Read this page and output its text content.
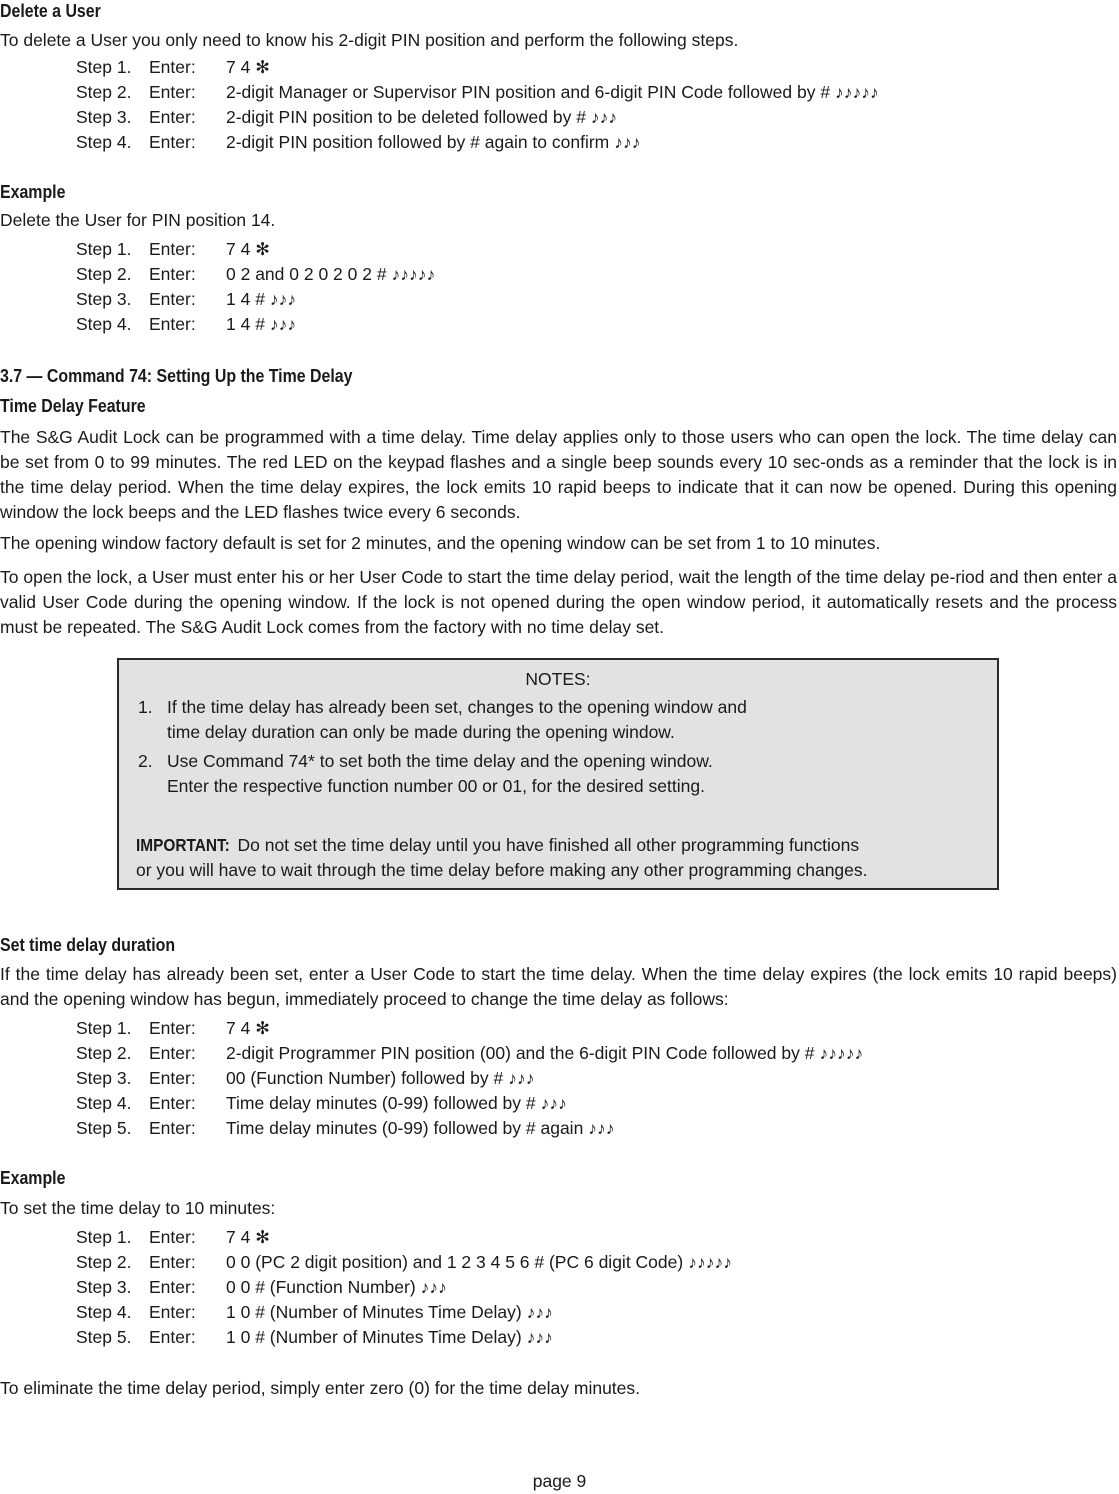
Delete a User
To delete a User you only need to know his 2-digit PIN position and perform the following steps.
Step 1. Enter: 7 4 ✻
Step 2. Enter: 2-digit Manager or Supervisor PIN position and 6-digit PIN Code followed by # ♪♪♪♪♪
Step 3. Enter: 2-digit PIN position to be deleted followed by # ♪♪♪
Step 4. Enter: 2-digit PIN position followed by # again to confirm ♪♪♪
Example
Delete the User for PIN position 14.
Step 1. Enter: 7 4 ✻
Step 2. Enter: 0 2 and 0 2 0 2 0 2 # ♪♪♪♪♪
Step 3. Enter: 1 4 # ♪♪♪
Step 4. Enter: 1 4 # ♪♪♪
3.7 — Command 74: Setting Up the Time Delay
Time Delay Feature
The S&G Audit Lock can be programmed with a time delay. Time delay applies only to those users who can open the lock. The time delay can be set from 0 to 99 minutes. The red LED on the keypad flashes and a single beep sounds every 10 sec-onds as a reminder that the lock is in the time delay period. When the time delay expires, the lock emits 10 rapid beeps to indicate that it can now be opened. During this opening window the lock beeps and the LED flashes twice every 6 seconds.
The opening window factory default is set for 2 minutes, and the opening window can be set from 1 to 10 minutes.
To open the lock, a User must enter his or her User Code to start the time delay period, wait the length of the time delay pe-riod and then enter a valid User Code during the opening window. If the lock is not opened during the open window period, it automatically resets and the process must be repeated. The S&G Audit Lock comes from the factory with no time delay set.
NOTES:
1. If the time delay has already been set, changes to the opening window and
time delay duration can only be made during the opening window.
2. Use Command 74* to set both the time delay and the opening window.
Enter the respective function number 00 or 01, for the desired setting.
IMPORTANT: Do not set the time delay until you have finished all other programming functions
or you will have to wait through the time delay before making any other programming changes.
Set time delay duration
If the time delay has already been set, enter a User Code to start the time delay. When the time delay expires (the lock emits 10 rapid beeps) and the opening window has begun, immediately proceed to change the time delay as follows:
Step 1. Enter: 7 4 ✻
Step 2. Enter: 2-digit Programmer PIN position (00) and the 6-digit PIN Code followed by # ♪♪♪♪♪
Step 3. Enter: 00 (Function Number) followed by # ♪♪♪
Step 4. Enter: Time delay minutes (0-99) followed by # ♪♪♪
Step 5. Enter: Time delay minutes (0-99) followed by # again ♪♪♪
Example
To set the time delay to 10 minutes:
Step 1. Enter: 7 4 ✻
Step 2. Enter: 0 0 (PC 2 digit position) and 1 2 3 4 5 6 # (PC 6 digit Code) ♪♪♪♪♪
Step 3. Enter: 0 0 # (Function Number) ♪♪♪
Step 4. Enter: 1 0 # (Number of Minutes Time Delay) ♪♪♪
Step 5. Enter: 1 0 # (Number of Minutes Time Delay) ♪♪♪
To eliminate the time delay period, simply enter zero (0) for the time delay minutes.
page 9
